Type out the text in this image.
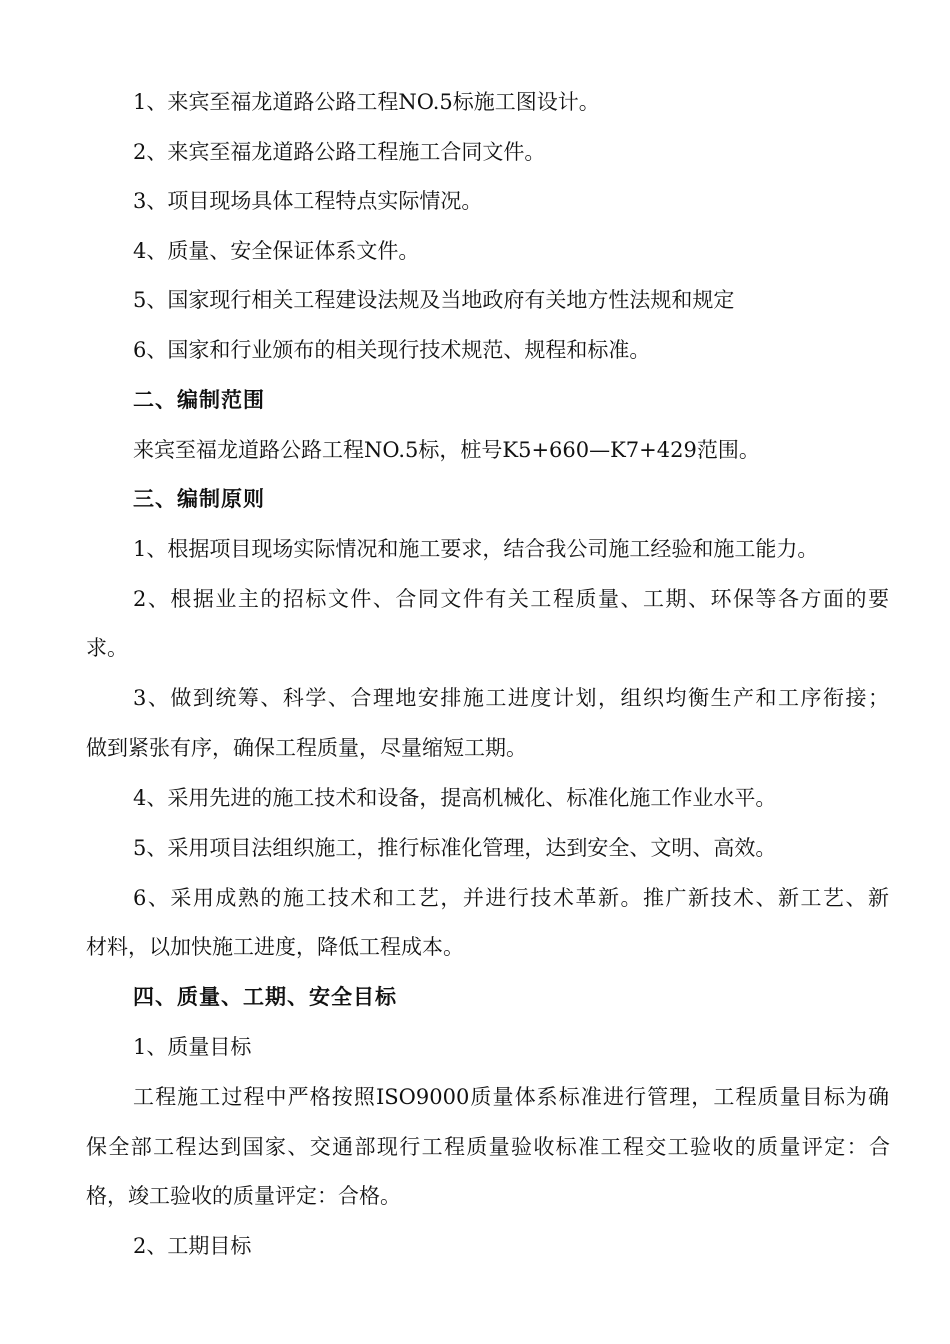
1、来宾至福龙道路公路工程NO.5标施工图设计。
2、来宾至福龙道路公路工程施工合同文件。
3、项目现场具体工程特点实际情况。
4、质量、安全保证体系文件。
5、国家现行相关工程建设法规及当地政府有关地方性法规和规定
6、国家和行业颁布的相关现行技术规范、规程和标准。
二、编制范围
来宾至福龙道路公路工程NO.5标，桩号K5+660—K7+429范围。
三、编制原则
1、根据项目现场实际情况和施工要求，结合我公司施工经验和施工能力。
2、根据业主的招标文件、合同文件有关工程质量、工期、环保等各方面的要
求。
3、做到统筹、科学、合理地安排施工进度计划，组织均衡生产和工序衔接；
做到紧张有序，确保工程质量，尽量缩短工期。
4、采用先进的施工技术和设备，提高机械化、标准化施工作业水平。
5、采用项目法组织施工，推行标准化管理，达到安全、文明、高效。
6、采用成熟的施工技术和工艺，并进行技术革新。推广新技术、新工艺、新
材料，以加快施工进度，降低工程成本。
四、质量、工期、安全目标
1、质量目标
工程施工过程中严格按照ISO9000质量体系标准进行管理，工程质量目标为确
保全部工程达到国家、交通部现行工程质量验收标准工程交工验收的质量评定：合
格，竣工验收的质量评定：合格。
2、工期目标
